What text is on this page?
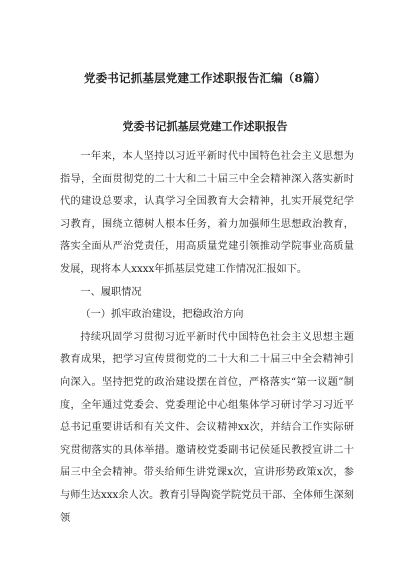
党委书记抓基层党建工作述职报告汇编（8篇）
党委书记抓基层党建工作述职报告

一年来，本人坚持以习近平新时代中国特色社会主义思想为指导，全面贯彻党的二十大和二十届三中全会精神深入落实新时代的建设总要求，认真学习全国教育大会精神，扎实开展党纪学习教育，围绕立德树人根本任务，着力加强师生思想政治教育，落实全面从严治党责任，用高质量党建引领推动学院事业高质量发展，现将本人xxxx年抓基层党建工作情况汇报如下。

一、履职情况

（一）抓牢政治建设，把稳政治方向

持续巩固学习贯彻习近平新时代中国特色社会主义思想主题教育成果，把学习宣传贯彻党的二十大和二十届三中全会精神引向深入。坚持把党的政治建设摆在首位，严格落实“第一议题”制度，全年通过党委会、党委理论中心组集体学习研讨学习习近平总书记重要讲话和有关文件、会议精神xx次，并结合工作实际研究贯彻落实的具体举措。邀请校党委副书记侯延民教授宣讲二十届三中全会精神。带头给师生讲党课x次，宣讲形势政策x次，参与师生达xxx余人次。教育引导陶瓷学院党员干部、全体师生深刻领
